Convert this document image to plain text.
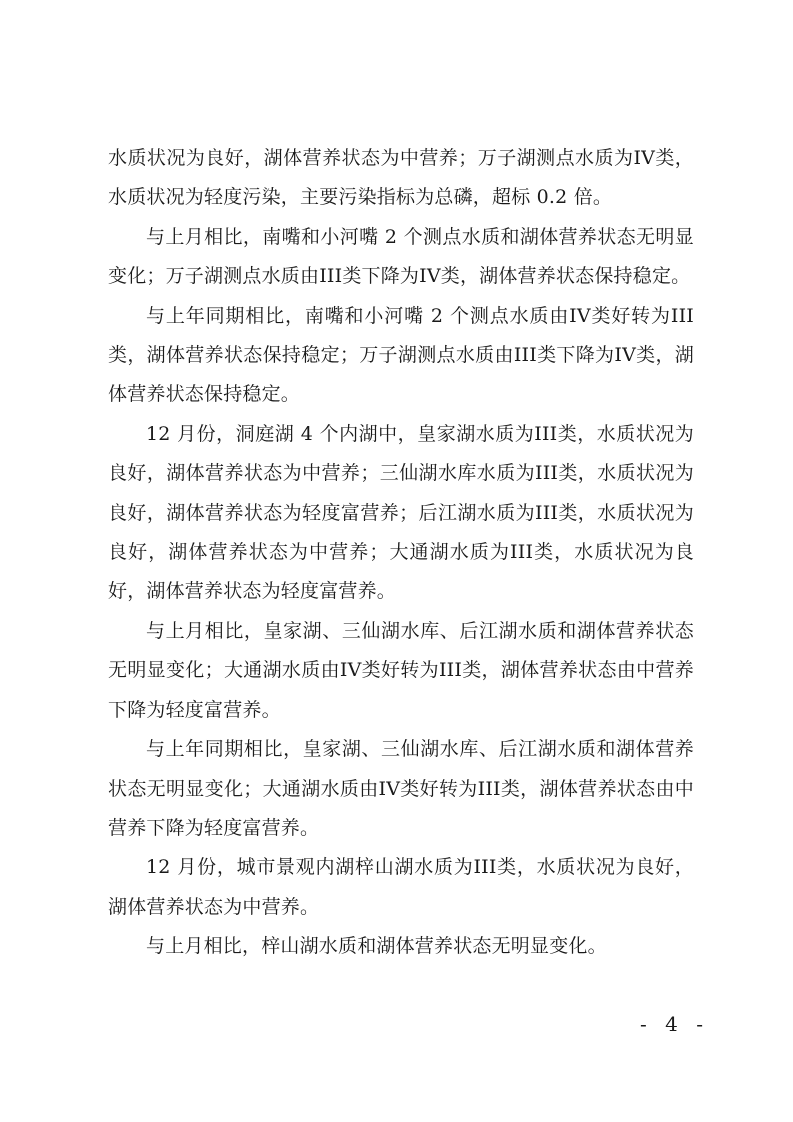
水质状况为良好，湖体营养状态为中营养；万子湖测点水质为IV类，水质状况为轻度污染，主要污染指标为总磷，超标 0.2 倍。

与上月相比，南嘴和小河嘴 2 个测点水质和湖体营养状态无明显变化；万子湖测点水质由III类下降为IV类，湖体营养状态保持稳定。

与上年同期相比，南嘴和小河嘴 2 个测点水质由IV类好转为III类，湖体营养状态保持稳定；万子湖测点水质由III类下降为IV类，湖体营养状态保持稳定。

12 月份，洞庭湖 4 个内湖中，皇家湖水质为III类，水质状况为良好，湖体营养状态为中营养；三仙湖水库水质为III类，水质状况为良好，湖体营养状态为轻度富营养；后江湖水质为III类，水质状况为良好，湖体营养状态为中营养；大通湖水质为III类，水质状况为良好，湖体营养状态为轻度富营养。

与上月相比，皇家湖、三仙湖水库、后江湖水质和湖体营养状态无明显变化；大通湖水质由IV类好转为III类，湖体营养状态由中营养下降为轻度富营养。

与上年同期相比，皇家湖、三仙湖水库、后江湖水质和湖体营养状态无明显变化；大通湖水质由IV类好转为III类，湖体营养状态由中营养下降为轻度富营养。

12 月份，城市景观内湖梓山湖水质为III类，水质状况为良好，湖体营养状态为中营养。

与上月相比，梓山湖水质和湖体营养状态无明显变化。

- 4 -
